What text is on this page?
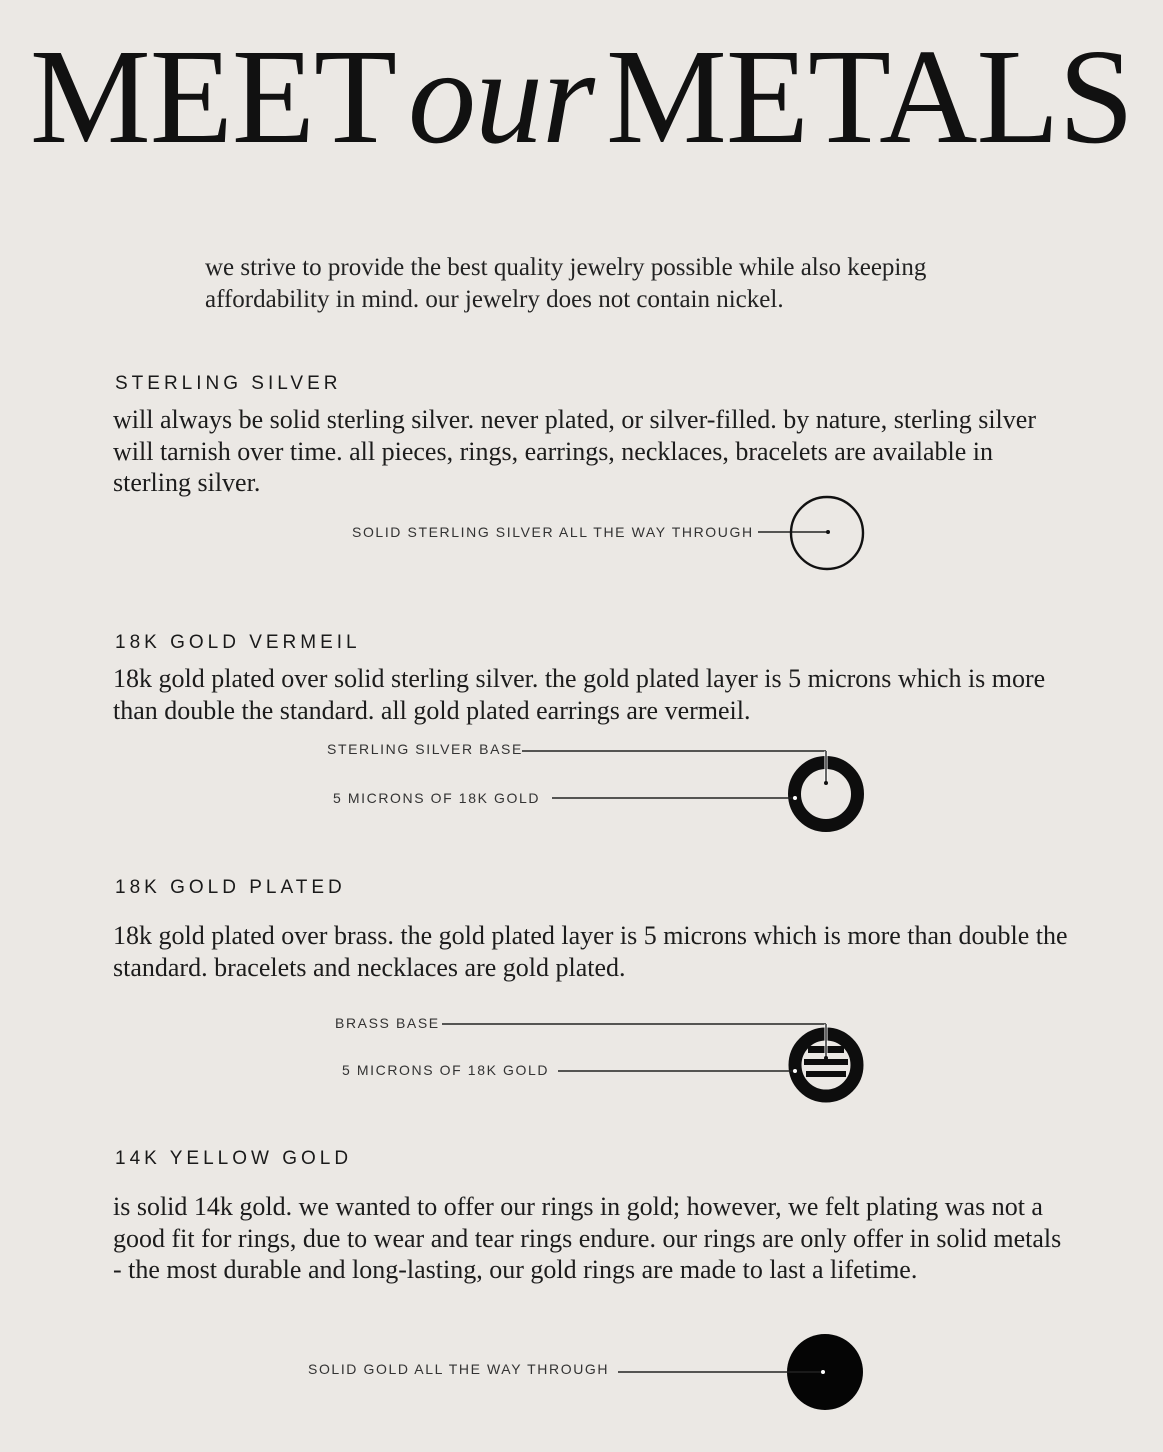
MEETourMETALS
we strive to provide the best quality jewelry possible while also keeping affordability in mind. our jewelry does not contain nickel.
STERLING SILVER
will always be solid sterling silver. never plated, or silver-filled. by nature, sterling silver will tarnish over time. all pieces, rings, earrings, necklaces, bracelets are available in sterling silver.
SOLID STERLING SILVER ALL THE WAY THROUGH
18K GOLD VERMEIL
18k gold plated over solid sterling silver. the gold plated layer is 5 microns which is more than double the standard. all gold plated earrings are vermeil.
STERLING SILVER BASE
5 MICRONS OF 18K GOLD
18K GOLD PLATED
18k gold plated over brass. the gold plated layer is 5 microns which is more than double the standard. bracelets and necklaces are gold plated.
BRASS BASE
5 MICRONS OF 18K GOLD
14K YELLOW GOLD
is solid 14k gold. we wanted to offer our rings in gold; however, we felt plating was not a good fit for rings, due to wear and tear rings endure. our rings are only offer in solid metals - the most durable and long-lasting, our gold rings are made to last a lifetime.
SOLID GOLD ALL THE WAY THROUGH
